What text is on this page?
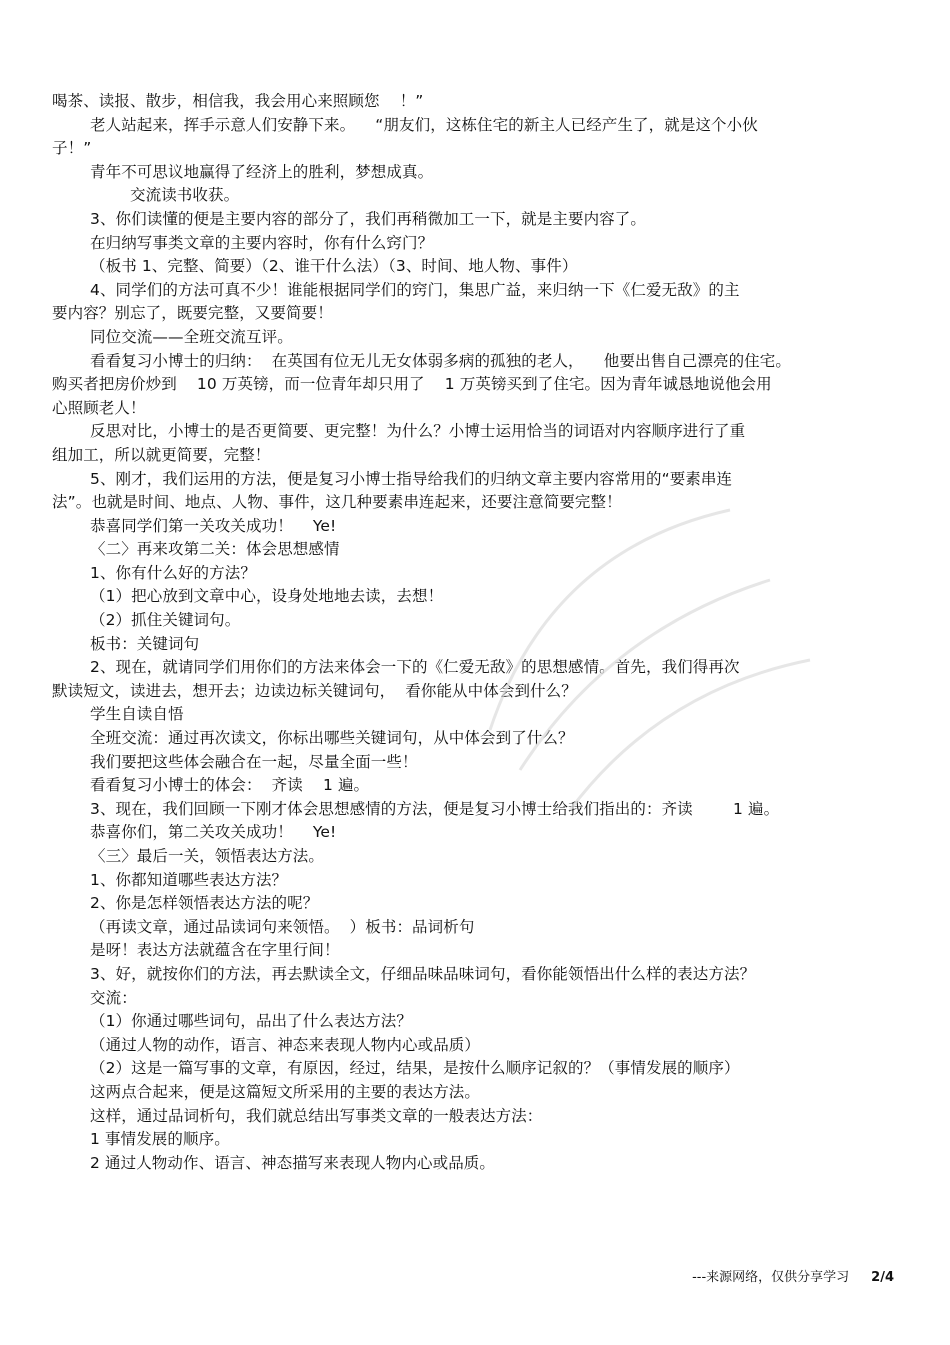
喝茶、读报、散步，相信我，我会用心来照顾您    ！”
老人站起来，挥手示意人们安静下来。    “朋友们，这栋住宅的新主人已经产生了，就是这个小伙
子！”
青年不可思议地赢得了经济上的胜利，梦想成真。
交流读书收获。
3、你们读懂的便是主要内容的部分了，我们再稍微加工一下，就是主要内容了。
在归纳写事类文章的主要内容时，你有什么窍门？
（板书 1、完整、简要）（2、谁干什么法）（3、时间、地人物、事件）
4、同学们的方法可真不少！谁能根据同学们的窍门，集思广益，来归纳一下《仁爱无敌》的主
要内容？别忘了，既要完整，又要简要！
同位交流——全班交流互评。
看看复习小博士的归纳：  在英国有位无儿无女体弱多病的孤独的老人，    他要出售自己漂亮的住宅。
购买者把房价炒到    10 万英镑，而一位青年却只用了    1 万英镑买到了住宅。因为青年诚恳地说他会用
心照顾老人！
反思对比，小博士的是否更简要、更完整！为什么？小博士运用恰当的词语对内容顺序进行了重
组加工，所以就更简要，完整！
5、刚才，我们运用的方法，便是复习小博士指导给我们的归纳文章主要内容常用的“要素串连
法”。也就是时间、地点、人物、事件，这几种要素串连起来，还要注意简要完整！
恭喜同学们第一关攻关成功！    Ye!
〈二〉再来攻第二关：体会思想感情
1、你有什么好的方法？
（1）把心放到文章中心，设身处地地去读，去想！
（2）抓住关键词句。
板书：关键词句
2、现在，就请同学们用你们的方法来体会一下的《仁爱无敌》的思想感情。首先，我们得再次
默读短文，读进去，想开去；边读边标关键词句，  看你能从中体会到什么？
学生自读自悟
全班交流：通过再次读文，你标出哪些关键词句，从中体会到了什么？
我们要把这些体会融合在一起，尽量全面一些！
看看复习小博士的体会：  齐读    1 遍。
3、现在，我们回顾一下刚才体会思想感情的方法，便是复习小博士给我们指出的：齐读        1 遍。
恭喜你们，第二关攻关成功！    Ye!
〈三〉最后一关，领悟表达方法。
1、你都知道哪些表达方法？
2、你是怎样领悟表达方法的呢？
（再读文章，通过品读词句来领悟。  ）板书：品词析句
是呀！表达方法就蕴含在字里行间！
3、好，就按你们的方法，再去默读全文，仔细品味品味词句，看你能领悟出什么样的表达方法？
交流：
（1）你通过哪些词句，品出了什么表达方法？
（通过人物的动作，语言、神态来表现人物内心或品质）
（2）这是一篇写事的文章，有原因，经过，结果，是按什么顺序记叙的？（事情发展的顺序）
这两点合起来，便是这篇短文所采用的主要的表达方法。
这样，通过品词析句，我们就总结出写事类文章的一般表达方法：
1 事情发展的顺序。
2 通过人物动作、语言、神态描写来表现人物内心或品质。

---来源网络，仅供分享学习 2/4
